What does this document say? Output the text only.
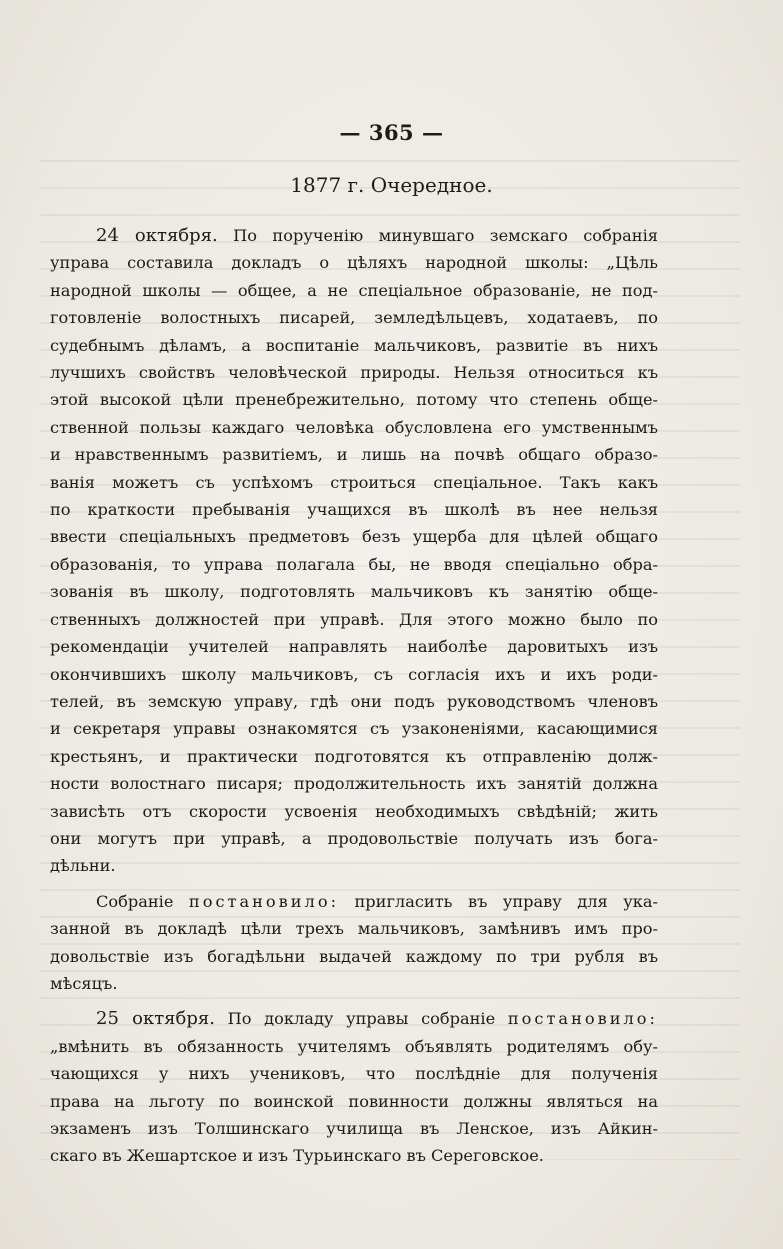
— 365 —
1877 г. Очередное.
24 октября. По порученію минувшаго земскаго собранія
управа составила докладъ о цѣляхъ народной школы: „Цѣль
народной школы — общее, а не спеціальное образованіе, не под-
готовленіе волостныхъ писарей, земледѣльцевъ, ходатаевъ, по
судебнымъ дѣламъ, а воспитаніе мальчиковъ, развитіе въ нихъ
лучшихъ свойствъ человѣческой природы. Нельзя относиться къ
этой высокой цѣли пренебрежительно, потому что степень обще-
ственной пользы каждаго человѣка обусловлена его умственнымъ
и нравственнымъ развитіемъ, и лишь на почвѣ общаго образо-
ванія можетъ съ успѣхомъ строиться спеціальное. Такъ какъ
по краткости пребыванія учащихся въ школѣ въ нее нельзя
ввести спеціальныхъ предметовъ безъ ущерба для цѣлей общаго
образованія, то управа полагала бы, не вводя спеціально обра-
зованія въ школу, подготовлять мальчиковъ къ занятію обще-
ственныхъ должностей при управѣ. Для этого можно было по
рекомендаціи учителей направлять наиболѣе даровитыхъ изъ
окончившихъ школу мальчиковъ, съ согласія ихъ и ихъ роди-
телей, въ земскую управу, гдѣ они подъ руководствомъ членовъ
и секретаря управы ознакомятся съ узаконеніями, касающимися
крестьянъ, и практически подготовятся къ отправленію долж-
ности волостнаго писаря; продолжительность ихъ занятій должна
зависѣть отъ скорости усвоенія необходимыхъ свѣдѣній; жить
они могутъ при управѣ, а продовольствіе получать изъ бога-
дѣльни.
Собраніе постановило: пригласить въ управу для ука-
занной въ докладѣ цѣли трехъ мальчиковъ, замѣнивъ имъ про-
довольствіе изъ богадѣльни выдачей каждому по три рубля въ
мѣсяцъ.
25 октября. По докладу управы собраніе постановило:
„вмѣнить въ обязанность учителямъ объявлять родителямъ обу-
чающихся у нихъ учениковъ, что послѣдніе для полученія
права на льготу по воинской повинности должны являться на
экзаменъ изъ Толшинскаго училища въ Ленское, изъ Айкин-
скаго въ Жешартское и изъ Турьинскаго въ Сереговское.
